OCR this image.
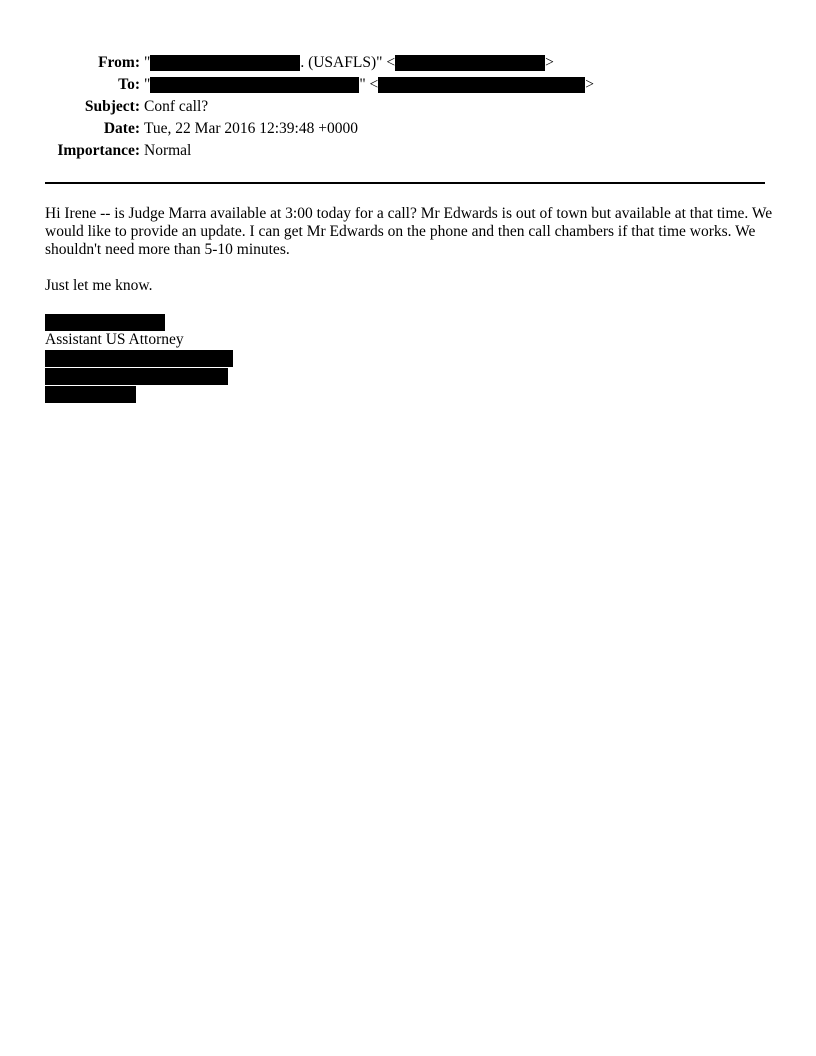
From: "	. (USAFLS)" <	>
To: "	" <	>
Subject: Conf call?
Date: Tue, 22 Mar 2016 12:39:48 +0000
Importance: Normal

Hi Irene -- is Judge Marra available at 3:00 today for a call? Mr Edwards is out of town but available at that time. We would like to provide an update. I can get Mr Edwards on the phone and then call chambers if that time works. We shouldn't need more than 5-10 minutes.

Just let me know.

Assistant US Attorney
